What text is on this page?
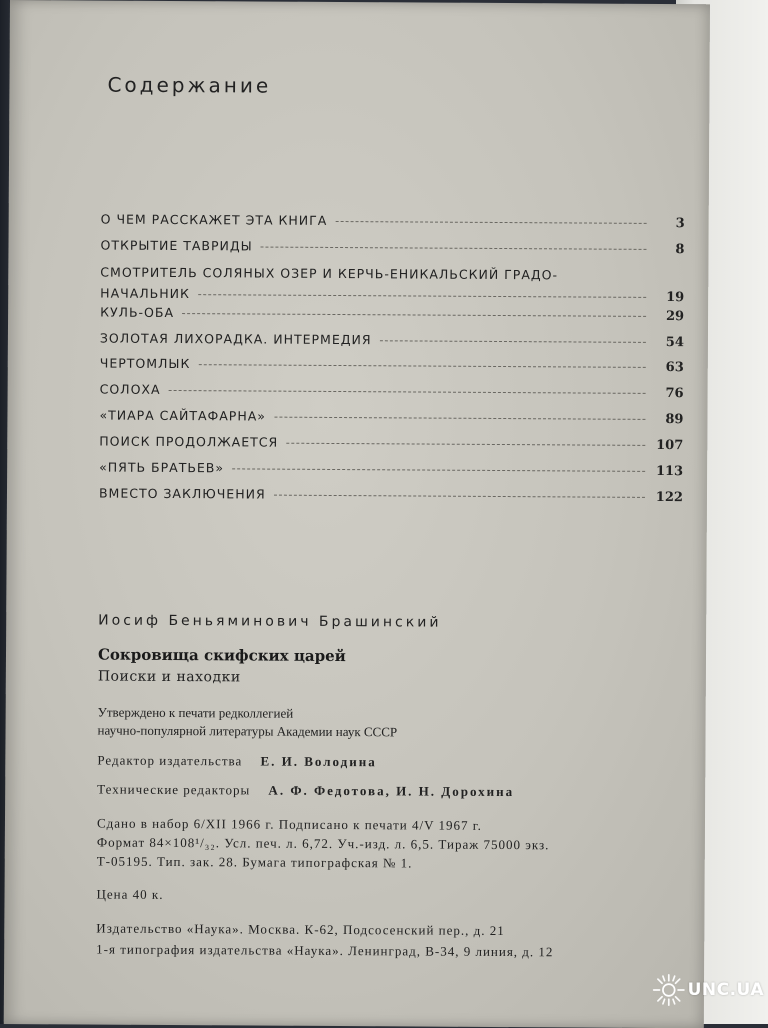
Содержание
О ЧЕМ РАССКАЖЕТ ЭТА КНИГА	3
ОТКРЫТИЕ ТАВРИДЫ	8
СМОТРИТЕЛЬ СОЛЯНЫХ ОЗЕР И КЕРЧЬ-ЕНИКАЛЬСКИЙ ГРАДО-
НАЧАЛЬНИК	19
КУЛЬ-ОБА	29
ЗОЛОТАЯ ЛИХОРАДКА. ИНТЕРМЕДИЯ	54
ЧЕРТОМЛЫК	63
СОЛОХА	76
«ТИАРА САЙТАФАРНА»	89
ПОИСК ПРОДОЛЖАЕТСЯ	107
«ПЯТЬ БРАТЬЕВ»	113
ВМЕСТО ЗАКЛЮЧЕНИЯ	122
Иосиф Беньяминович Брашинский
Сокровища скифских царей
Поиски и находки
Утверждено к печати редколлегией
научно-популярной литературы Академии наук СССР
Редактор издательства Е. И. Володина
Технические редакторы А. Ф. Федотова, И. Н. Дорохина
Сдано в набор 6/XII 1966 г. Подписано к печати 4/V 1967 г.
Формат 84×108¹/₃₂. Усл. печ. л. 6,72. Уч.-изд. л. 6,5. Тираж 75000 экз.
Т-05195. Тип. зак. 28. Бумага типографская № 1.
Цена 40 к.
Издательство «Наука». Москва. К-62, Подсосенский пер., д. 21
1-я типография издательства «Наука». Ленинград, В-34, 9 линия, д. 12
UNC.UA
